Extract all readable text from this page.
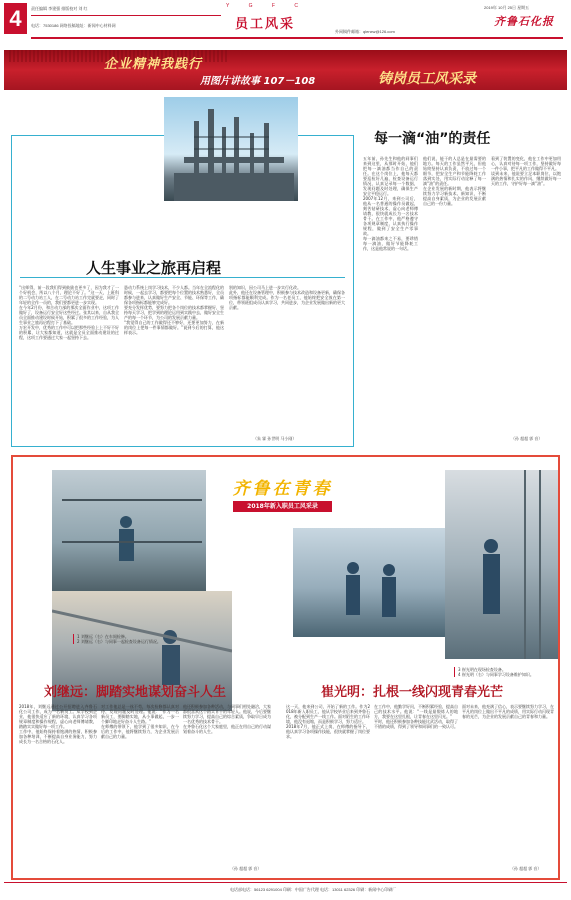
4	责任编辑 李建强 排版校对 刘 红
电话：7530186 网络投稿地址：新闻中心材料网
Y G F C
员工风采	外网稿件邮箱：qlenxw@126.com
2019年 10月 25日 星期五
齐鲁石化报
企业精神我践行
用图片讲故事 107－108	铸岗员工风采录
人生事业之旅再启程
“出师得，前一段我们得到鼓励也更多了，因为我才了一个好机会，所以八个月，理论不好了。”这一天，上班科的二号动力站工人，在二号动力站工作完就要走，同时了年轻的全作一员的，我们要都更进一步实现。
在今年2月份，和合动力部的那次全面作业中，这项工作做好了，设备运行安全好这些经过。张其以来，自从我全员全面推动建设时候开始，积累了很多的工作经验，为人生事业之旅再启程打下了基础。
万宏开发中，优秀的工作中可以把那些经验上上不好不好的积累，让大家都知道，这就是全员全面推动建设的过程，这项工作要通过大家一起坚持下去。
悬动力系统上岗学习技术，不少人都。当年在全流程化的时候，一起去学习，都要把每个位置的技术熟悉好，全员都参与进来，认真做好生产安全、节能、环保等工作，确保各项指标都能够完成好。
要充分发挥优势，要努力把各个岗位的技术都掌握好，坚持每天学习，把学到的理论运用到实践中去，做好安全生产的每一个环节，为公司的发展贡献力量。
“我觉得自己的工作做得还不够好，还要更加努力，在新的岗位上把每一件事情都做好。”说到今后的打算，他这样表示。
别的知识，因公司马上进一步实行化改。
此外，他还在设备管理中，积极参与技术改造和设备更新，确保各项指标都能顺利完成。作为一名老员工，他始终把安全放在第一位，带领班组成员认真学习，共同进步，为企业发展做出新的更大贡献。
（朱 霖 孙世明 马小刚）
每一滴“油”的责任
五年前，孙先生和他的同事们来到这里，从那时开始，他们把每一滴油都当作自己的责任。在这个岗位上，他每天都要巡检好几遍，检查设备运行情况，认真记录每一个数据，发现问题及时处理，确保生产安全平稳运行。
2007年12月，来到公司后，他从一名普通的操作员做起，刻苦钻研技术，虚心向老师傅请教，很快就成长为一名技术骨干。在工作中，他严格遵守各项规章制度，认真执行操作规程，做到了安全生产零事故。
每一滴油都来之不易，要珍惜每一滴油，做好节能降耗工作，这是他常说的一句话。
他们说，能干的人总是在最需要的地方。每天的工作虽然平凡，但他始终坚持认真负责，不放过每一个细节，把安全生产和节能降耗工作落到实处，用实际行动诠释了每一滴“油”的责任。
在企业发展的新时期，他表示将继续努力学习新技术、新知识，不断提高自身素质，为企业的发展贡献自己的一份力量。
看到了装置的变化，他在工作中更加用心，认真对待每一项工作，坚持做好每一件小事，把平凡的工作做得不平凡。
谈到未来，他说要立足本职岗位，以饱满的热情和扎实的作风，继续做好每一天的工作，守护好每一滴“油”。
（孙 超超 郭 音）
齐鲁在青春
2018年新入职员工风采录
1 刘继远（右）在车间检修。
2 刘继远（右）与同事一起检查设备运行情况。
3 崔光明在现场检查设备。
4 崔光明（右）与同事学习设备维护知识。
刘继远：脚踏实地谋划奋斗人生	崔光明：扎根一线闪现青春光芒
2018年，刘继远通过公开招聘进入齐鲁石化公司工作，成为一名新员工。从学校到企业，他很快适应了新的环境，认真学习各项规章制度和操作规程，虚心向老师傅请教，踏踏实实做好每一项工作。
工作中，他始终保持着饱满的热情，积极参加各种培训，不断提高自身业务能力，努力成长为一名合格的石化人。
对工作他总是一丝不苟，每次检修都认真对待，发现问题及时处理。他说：“作为一名新员工，要脚踏实地，从小事做起，一步一个脚印地走好奋斗人生路。”
在师傅的带领下，他学到了很多知识，在今后的工作中，他将继续努力，为企业发展贡献自己的力量。
他还积极参加各种活动，与同事们相处融洽，大家都很喜欢这个踏实肯干的年轻人。他说，今后要继续努力学习，提高自己的综合素质，争取早日成为一名优秀的技术骨干。
在齐鲁石化这个大家庭里，他正在用自己的行动谋划着奋斗的人生。
（孙 超超 郭 音）
这一天，他来到公司，开始了新的工作。作为2018年新入职员工，他从学校毕业后来到齐鲁石化，被分配到生产一线工作。面对陌生的工作环境，他没有退缩，而是积极学习，努力适应。
2018年7月，他正式上岗，在师傅的指导下，他认真学习各项操作技能，很快就掌握了岗位要求。
在工作中，他勤学好问，不断积累经验，提高自己的技术水平。他说：“一线是最锻炼人的地方，我要在这里扎根，让青春在这里闪光。”
平时，他还积极参加各种技能比武活动，取得了不错的成绩，得到了领导和同事们的一致认可。
面对未来，他充满了信心，表示要继续努力学习，在平凡的岗位上做出不平凡的成绩，用实际行动闪现青春的光芒，为企业的发展贡献自己的青春和力量。
（孙 超超 郭 音）
电话部电话：56123 6291004 印刷：中国广告代理 电话：13011 62326 印刷：新闻中心印刷厂
